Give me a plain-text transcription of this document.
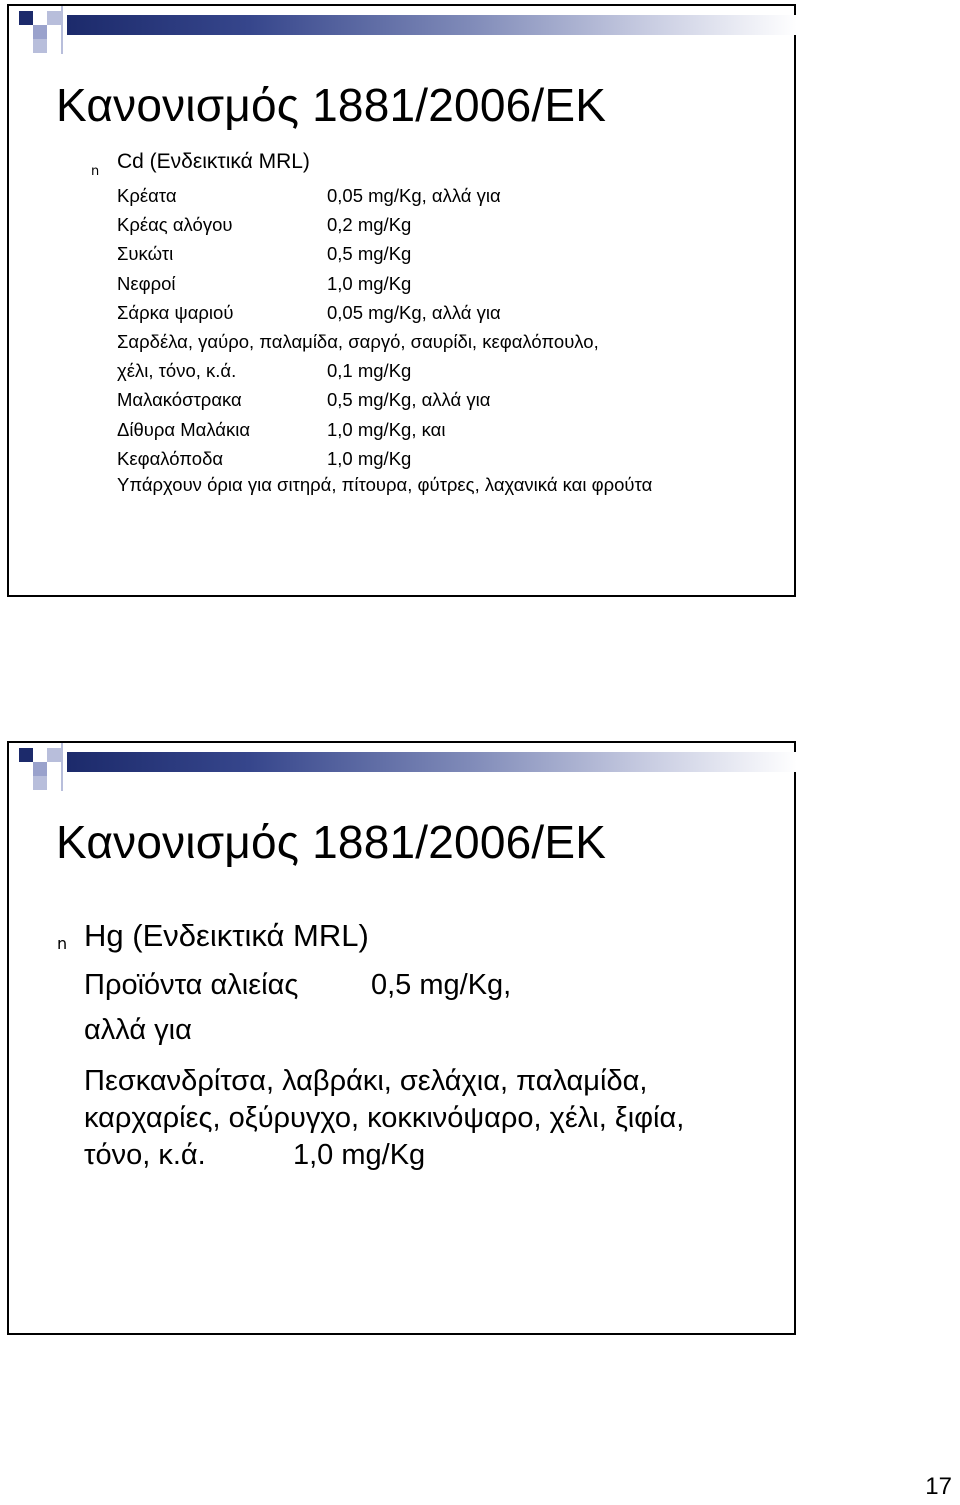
Κανονισμός 1881/2006/ΕΚ
n Cd (Ενδεικτικά MRL)
Κρέατα	0,05 mg/Kg, αλλά για
Κρέας αλόγου	0,2 mg/Kg
Συκώτι	0,5 mg/Kg
Νεφροί	1,0 mg/Kg
Σάρκα ψαριού	0,05 mg/Kg, αλλά για
Σαρδέλα, γαύρο, παλαμίδα, σαργό, σαυρίδι, κεφαλόπουλο,
χέλι, τόνο, κ.ά.	0,1 mg/Kg
Μαλακόστρακα	0,5 mg/Kg, αλλά για
Δίθυρα Μαλάκια	1,0 mg/Kg, και
Κεφαλόποδα	1,0 mg/Kg
Υπάρχουν όρια για σιτηρά, πίτουρα, φύτρες, λαχανικά και φρούτα
Κανονισμός 1881/2006/ΕΚ
n Hg (Ενδεικτικά MRL)
Προϊόντα αλιείας	0,5 mg/Kg,
αλλά για
Πεσκανδρίτσα, λαβράκι, σελάχια, παλαμίδα,
καρχαρίες, οξύρυγχο, κοκκινόψαρο, χέλι, ξιφία,
τόνο, κ.ά.	1,0 mg/Kg
17
